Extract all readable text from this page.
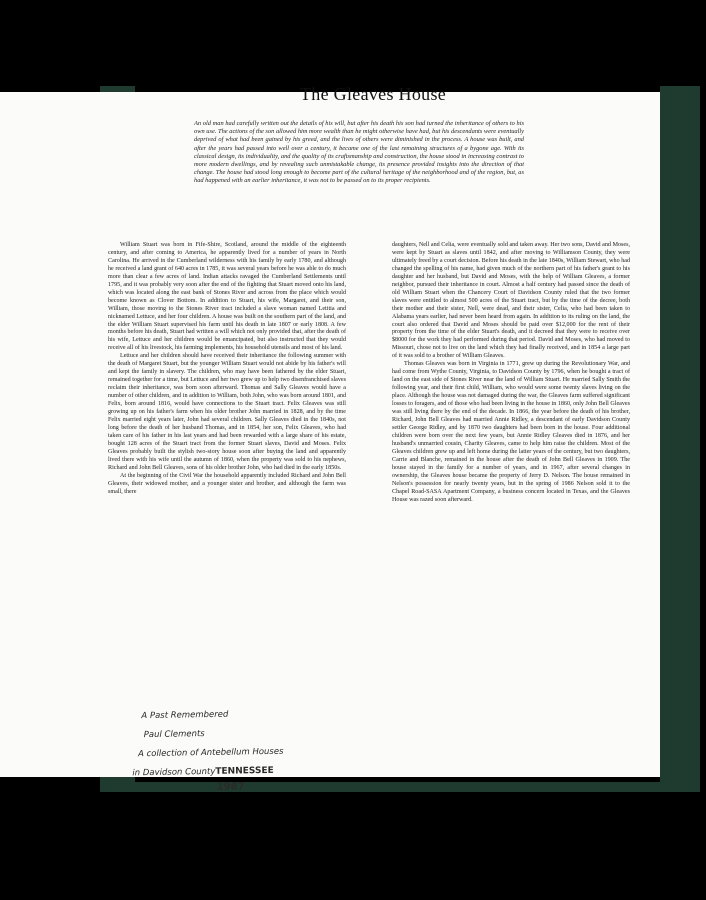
The Gleaves House
An old man had carefully written out the details of his will, but after his death his son had turned the inheritance of others to his own use. The actions of the son allowed him more wealth than he might otherwise have had, but his descendants were eventually deprived of what had been gained by his greed, and the lives of others were diminished in the process. A house was built, and after the years had passed into well over a century, it became one of the last remaining structures of a bygone age. With its classical design, its individuality, and the quality of its craftsmanship and construction, the house stood in increasing contrast to more modern dwellings, and by revealing such unmistakable change, its presence provided insights into the direction of that change. The house had stood long enough to become part of the cultural heritage of the neighborhood and of the region, but, as had happened with an earlier inheritance, it was not to be passed on to its proper recipients.

William Stuart was born in Fife-Shire, Scotland, around the middle of the eighteenth century, and after coming to America, he apparently lived for a number of years in North Carolina. He arrived in the Cumberland wilderness with his family by early 1780, and although he received a land grant of 640 acres in 1785, it was several years before he was able to do much more than clear a few acres of land. Indian attacks ravaged the Cumberland Settlements until 1795, and it was probably very soon after the end of the fighting that Stuart moved onto his land, which was located along the east bank of Stones River and across from the place which would become known as Clover Bottom. In addition to Stuart, his wife, Margaret, and their son, William, those moving to the Stones River tract included a slave woman named Letitia and nicknamed Lettuce, and her four children. A house was built on the southern part of the land, and the elder William Stuart supervised his farm until his death in late 1807 or early 1808. A few months before his death, Stuart had written a will which not only provided that, after the death of his wife, Lettuce and her children would be emancipated, but also instructed that they would receive all of his livestock, his farming implements, his household utensils and most of his land.

Lettuce and her children should have received their inheritance the following summer with the death of Margaret Stuart, but the younger William Stuart would not abide by his father's will and kept the family in slavery. The children, who may have been fathered by the elder Stuart, remained together for a time, but Lettuce and her two grew up to help two disenfranchised slaves reclaim their inheritance, was born soon afterward. Thomas and Sally Gleaves would have a number of other children, and in addition to William, both John, who was born around 1801, and Felix, born around 1816, would have connections to the Stuart tract. Felix Gleaves was still growing up on his father's farm when his older brother John married in 1828, and by the time Felix married eight years later, John had several children. Sally Gleaves died in the 1840s, not long before the death of her husband Thomas, and in 1854, her son, Felix Gleaves, who had taken care of his father in his last years and had been rewarded with a large share of his estate, bought 128 acres of the Stuart tract from the former Stuart slaves, David and Moses. Felix Gleaves probably built the stylish two-story house soon after buying the land and apparently lived there with his wife until the autumn of 1860, when the property was sold to his nephews, Richard and John Bell Gleaves, sons of his older brother John, who had died in the early 1850s.

At the beginning of the Civil War the household apparently included Richard and John Bell Gleaves, their widowed mother, and a younger sister and brother, and although the farm was small, there

daughters, Nell and Celia, were eventually sold and taken away. Her two sons, David and Moses, were kept by Stuart as slaves until 1842, and after moving to Williamson County, they were ultimately freed by a court decision. Before his death in the late 1840s, William Stewart, who had changed the spelling of his name, had given much of the northern part of his father's grant to his daughter and her husband, but David and Moses, with the help of William Gleaves, a former neighbor, pursued their inheritance in court. Almost a half century had passed since the death of old William Stuart when the Chancery Court of Davidson County ruled that the two former slaves were entitled to almost 500 acres of the Stuart tract, but by the time of the decree, both their mother and their sister, Nell, were dead, and their sister, Celia, who had been taken to Alabama years earlier, had never been heard from again. In addition to its ruling on the land, the court also ordered that David and Moses should be paid over $12,000 for the rent of their property from the time of the elder Stuart's death, and it decreed that they were to receive over $8000 for the work they had performed during that period. David and Moses, who had moved to Missouri, chose not to live on the land which they had finally received, and in 1854 a large part of it was sold to a brother of William Gleaves.

Thomas Gleaves was born in Virginia in 1771, grew up during the Revolutionary War, and had come from Wythe County, Virginia, to Davidson County by 1796, when he bought a tract of land on the east side of Stones River near the land of William Stuart. He married Sally Smith the following year, and their first child, William, who would were some twenty slaves living on the place. Although the house was not damaged during the war, the Gleaves farm suffered significant losses to foragers, and of those who had been living in the house in 1860, only John Bell Gleaves was still living there by the end of the decade. In 1866, the year before the death of his brother, Richard, John Bell Gleaves had married Annie Ridley, a descendant of early Davidson County settler George Ridley, and by 1870 two daughters had been born in the house. Four additional children were born over the next few years, but Annie Ridley Gleaves died in 1876, and her husband's unmarried cousin, Charity Gleaves, came to help him raise the children. Most of the Gleaves children grew up and left home during the latter years of the century, but two daughters, Carrie and Blanche, remained in the house after the death of John Bell Gleaves in 1909. The house stayed in the family for a number of years, and in 1967, after several changes in ownership, the Gleaves house became the property of Jerry D. Nelson. The house remained in Nelson's possession for nearly twenty years, but in the spring of 1986 Nelson sold it to the Chapel Road-SASA Apartment Company, a business concern located in Texas, and the Gleaves House was razed soon afterward.

A Past Remembered
Paul Clements
A collection of Antebellum Houses
in Davidson CountyTENNESSEE
1987
